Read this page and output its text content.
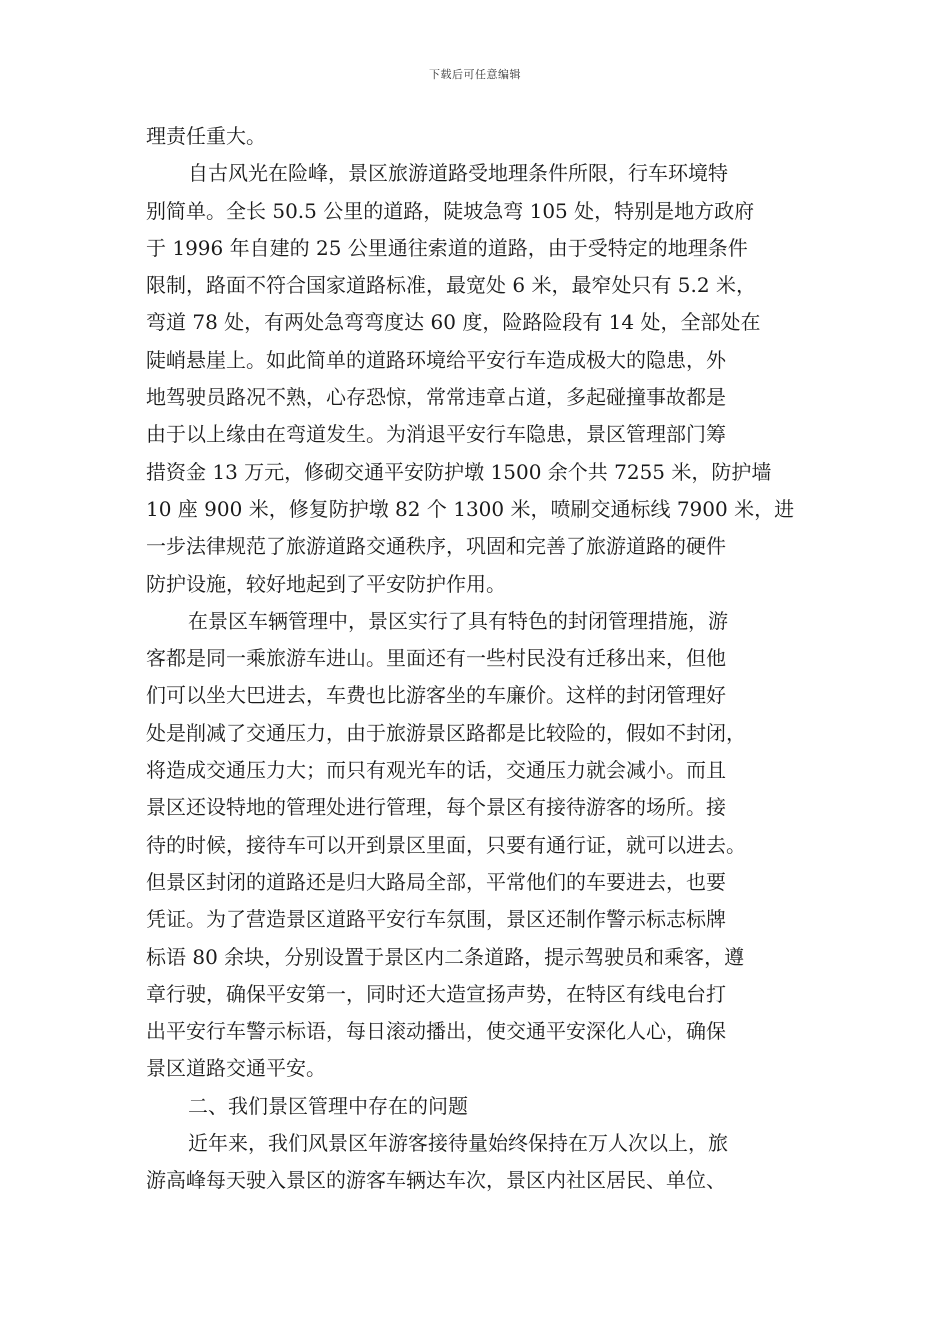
下载后可任意编辑
理责任重大。
自古风光在险峰，景区旅游道路受地理条件所限，行车环境特
别简单。全长 50.5 公里的道路，陡坡急弯 105 处，特别是地方政府
于 1996 年自建的 25 公里通往索道的道路，由于受特定的地理条件
限制，路面不符合国家道路标准，最宽处 6 米，最窄处只有 5.2 米，
弯道 78 处，有两处急弯弯度达 60 度，险路险段有 14 处，全部处在
陡峭悬崖上。如此简单的道路环境给平安行车造成极大的隐患，外
地驾驶员路况不熟，心存恐惊，常常违章占道，多起碰撞事故都是
由于以上缘由在弯道发生。为消退平安行车隐患，景区管理部门筹
措资金 13 万元，修砌交通平安防护墩 1500 余个共 7255 米，防护墙
10 座 900 米，修复防护墩 82 个 1300 米，喷刷交通标线 7900 米，进
一步法律规范了旅游道路交通秩序，巩固和完善了旅游道路的硬件
防护设施，较好地起到了平安防护作用。
在景区车辆管理中，景区实行了具有特色的封闭管理措施，游
客都是同一乘旅游车进山。里面还有一些村民没有迁移出来，但他
们可以坐大巴进去，车费也比游客坐的车廉价。这样的封闭管理好
处是削减了交通压力，由于旅游景区路都是比较险的，假如不封闭，
将造成交通压力大；而只有观光车的话，交通压力就会减小。而且
景区还设特地的管理处进行管理，每个景区有接待游客的场所。接
待的时候，接待车可以开到景区里面，只要有通行证，就可以进去。
但景区封闭的道路还是归大路局全部，平常他们的车要进去，也要
凭证。为了营造景区道路平安行车氛围，景区还制作警示标志标牌
标语 80 余块，分别设置于景区内二条道路，提示驾驶员和乘客，遵
章行驶，确保平安第一，同时还大造宣扬声势，在特区有线电台打
出平安行车警示标语，每日滚动播出，使交通平安深化人心，确保
景区道路交通平安。
二、我们景区管理中存在的问题
近年来，我们风景区年游客接待量始终保持在万人次以上，旅
游高峰每天驶入景区的游客车辆达车次，景区内社区居民、单位、
